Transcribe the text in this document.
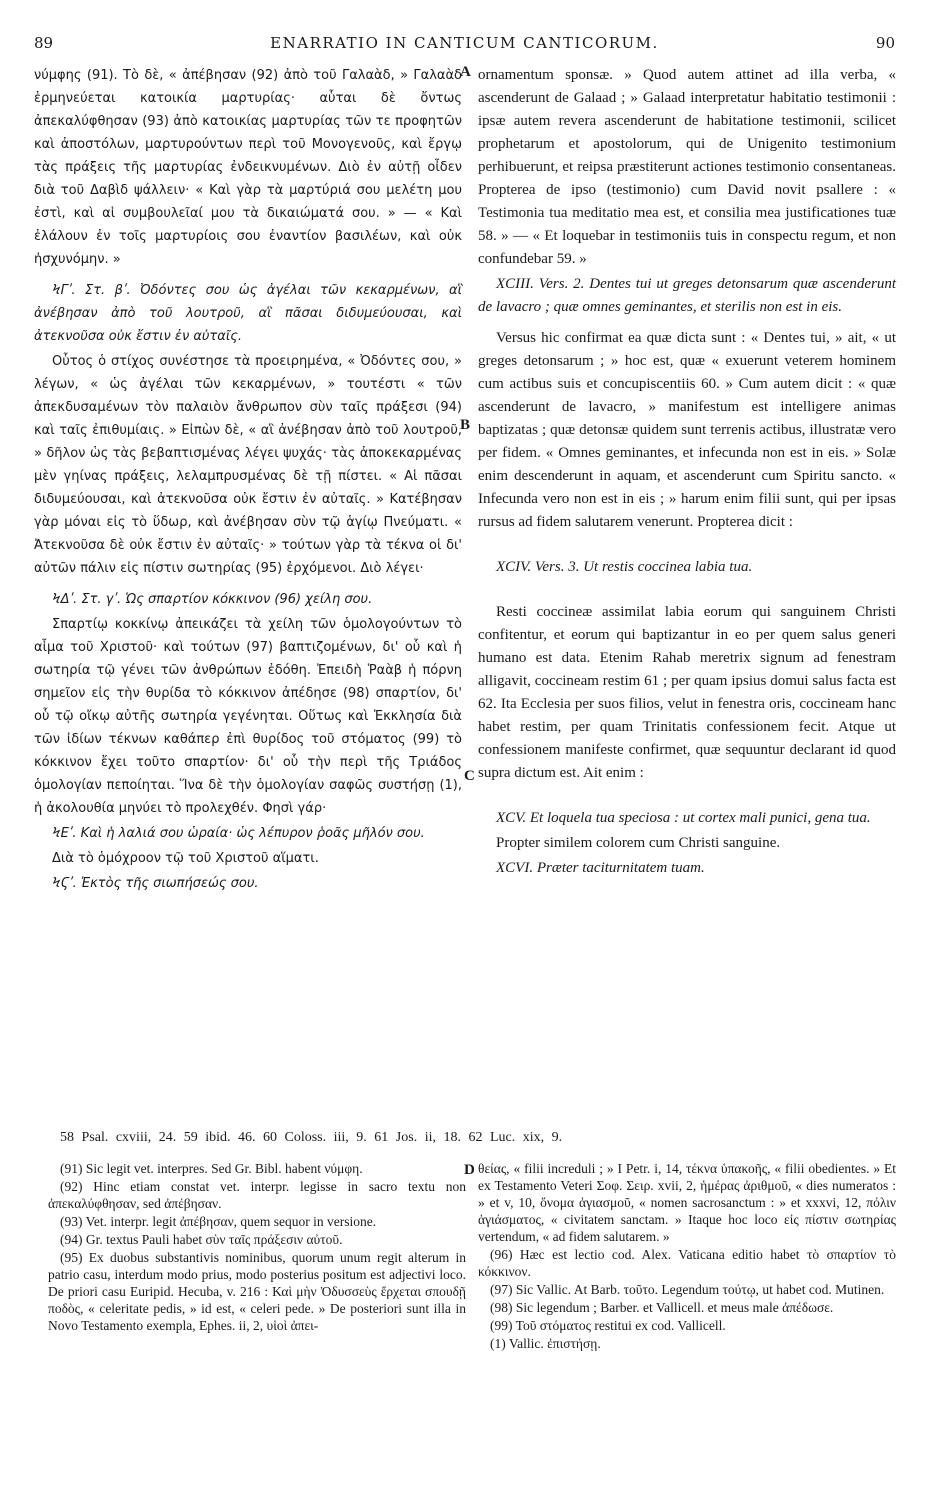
89	ENARRATIO IN CANTICUM CANTICORUM.	90
A
B
C
D

νύμφης (91). Τὸ δὲ, « ἀπέβησαν (92) ἀπὸ τοῦ Γαλαὰδ, » Γαλαὰδ ἑρμηνεύεται κατοικία μαρτυρίας· αὗται δὲ ὄντως ἀπεκαλύφθησαν (93) ἀπὸ κατοικίας μαρτυρίας τῶν τε προφητῶν καὶ ἀποστόλων, μαρτυρούντων περὶ τοῦ Μονογενοῦς, καὶ ἔργῳ τὰς πράξεις τῆς μαρτυρίας ἐνδεικνυμένων. Διὸ ἐν αὐτῇ οἶδεν διὰ τοῦ Δαβὶδ ψάλλειν· « Καὶ γὰρ τὰ μαρτύριά σου μελέτη μου ἐστὶ, καὶ αἱ συμβουλεῖαί μου τὰ δικαιώματά σου. » — « Καὶ ἐλάλουν ἐν τοῖς μαρτυρίοις σου ἐναντίον βασιλέων, καὶ οὐκ ἠσχυνόμην. »

ϞΓʹ. Στ. βʹ. Ὀδόντες σου ὡς ἀγέλαι τῶν κεκαρμένων, αἳ ἀνέβησαν ἀπὸ τοῦ λουτροῦ, αἳ πᾶσαι διδυμεύουσαι, καὶ ἀτεκνοῦσα οὐκ ἔστιν ἐν αὐταῖς.

Οὗτος ὁ στίχος συνέστησε τὰ προειρημένα, « Ὀδόντες σου, » λέγων, « ὡς ἀγέλαι τῶν κεκαρμένων, » τουτέστι « τῶν ἀπεκδυσαμένων τὸν παλαιὸν ἄνθρωπον σὺν ταῖς πράξεσι (94) καὶ ταῖς ἐπιθυμίαις. » Εἰπὼν δὲ, « αἳ ἀνέβησαν ἀπὸ τοῦ λουτροῦ, » δῆλον ὡς τὰς βεβαπτισμένας λέγει ψυχάς· τὰς ἀποκεκαρμένας μὲν γηίνας πράξεις, λελαμπρυσμένας δὲ τῇ πίστει. « Αἱ πᾶσαι διδυμεύουσαι, καὶ ἀτεκνοῦσα οὐκ ἔστιν ἐν αὐταῖς. » Κατέβησαν γὰρ μόναι εἰς τὸ ὕδωρ, καὶ ἀνέβησαν σὺν τῷ ἁγίῳ Πνεύματι. « Ἀτεκνοῦσα δὲ οὐκ ἔστιν ἐν αὐταῖς· » τούτων γὰρ τὰ τέκνα οἱ δι' αὐτῶν πάλιν εἰς πίστιν σωτηρίας (95) ἐρχόμενοι. Διὸ λέγει·

ϞΔʹ. Στ. γʹ. Ὡς σπαρτίον κόκκινον (96) χείλη σου.

Σπαρτίῳ κοκκίνῳ ἀπεικάζει τὰ χείλη τῶν ὁμολογούντων τὸ αἷμα τοῦ Χριστοῦ· καὶ τούτων (97) βαπτιζομένων, δι' οὗ καὶ ἡ σωτηρία τῷ γένει τῶν ἀνθρώπων ἐδόθη. Ἐπειδὴ Ῥαὰβ ἡ πόρνη σημεῖον εἰς τὴν θυρίδα τὸ κόκκινον ἀπέδησε (98) σπαρτίον, δι' οὗ τῷ οἴκῳ αὐτῆς σωτηρία γεγένηται. Οὕτως καὶ Ἐκκλησία διὰ τῶν ἰδίων τέκνων καθάπερ ἐπὶ θυρίδος τοῦ στόματος (99) τὸ κόκκινον ἔχει τοῦτο σπαρτίον· δι' οὗ τὴν περὶ τῆς Τριάδος ὁμολογίαν πεποίηται. Ἵνα δὲ τὴν ὁμολογίαν σαφῶς συστήσῃ (1), ἡ ἀκολουθία μηνύει τὸ προλεχθέν. Φησὶ γάρ·

ϞΕʹ. Καὶ ἡ λαλιά σου ὡραία· ὡς λέπυρον ῥοᾶς μῆλόν σου.

Διὰ τὸ ὁμόχροον τῷ τοῦ Χριστοῦ αἵματι.

ϞϚʹ. Ἐκτὸς τῆς σιωπήσεώς σου.

ornamentum sponsæ. » Quod autem attinet ad illa verba, « ascenderunt de Galaad ; » Galaad interpretatur habitatio testimonii : ipsæ autem revera ascenderunt de habitatione testimonii, scilicet prophetarum et apostolorum, qui de Unigenito testimonium perhibuerunt, et reipsa præstiterunt actiones testimonio consentaneas. Propterea de ipso (testimonio) cum David novit psallere : « Testimonia tua meditatio mea est, et consilia mea justificationes tuæ 58. » — « Et loquebar in testimoniis tuis in conspectu regum, et non confundebar 59. »

XCIII. Vers. 2. Dentes tui ut greges detonsarum quæ ascenderunt de lavacro ; quæ omnes geminantes, et sterilis non est in eis.

Versus hic confirmat ea quæ dicta sunt : « Dentes tui, » ait, « ut greges detonsarum ; » hoc est, quæ « exuerunt veterem hominem cum actibus suis et concupiscentiis 60. » Cum autem dicit : « quæ ascenderunt de lavacro, » manifestum est intelligere animas baptizatas ; quæ detonsæ quidem sunt terrenis actibus, illustratæ vero per fidem. « Omnes geminantes, et infecunda non est in eis. » Solæ enim descenderunt in aquam, et ascenderunt cum Spiritu sancto. « Infecunda vero non est in eis ; » harum enim filii sunt, qui per ipsas rursus ad fidem salutarem venerunt. Propterea dicit :

XCIV. Vers. 3. Ut restis coccinea labia tua.

Resti coccineæ assimilat labia eorum qui sanguinem Christi confitentur, et eorum qui baptizantur in eo per quem salus generi humano est data. Etenim Rahab meretrix signum ad fenestram alligavit, coccineam restim 61 ; per quam ipsius domui salus facta est 62. Ita Ecclesia per suos filios, velut in fenestra oris, coccineam hanc habet restim, per quam Trinitatis confessionem fecit. Atque ut confessionem manifeste confirmet, quæ sequuntur declarant id quod supra dictum est. Ait enim :

XCV. Et loquela tua speciosa : ut cortex mali punici, gena tua.

Propter similem colorem cum Christi sanguine.

XCVI. Præter taciturnitatem tuam.

58 Psal. cxviii, 24. 59 ibid. 46. 60 Coloss. iii, 9. 61 Jos. ii, 18. 62 Luc. xix, 9.

(91) Sic legit vet. interpres. Sed Gr. Bibl. habent νύμφη.

(92) Hinc etiam constat vet. interpr. legisse in sacro textu non ἀπεκαλύφθησαν, sed ἀπέβησαν.

(93) Vet. interpr. legit ἀπέβησαν, quem sequor in versione.

(94) Gr. textus Pauli habet σὺν ταῖς πράξεσιν αὐτοῦ.

(95) Ex duobus substantivis nominibus, quorum unum regit alterum in patrio casu, interdum modo prius, modo posterius positum est adjectivi loco. De priori casu Euripid. Hecuba, v. 216 : Καὶ μὴν Ὀδυσσεὺς ἔρχεται σπουδῇ ποδὸς, « celeritate pedis, » id est, « celeri pede. » De posteriori sunt illa in Novo Testamento exempla, Ephes. ii, 2, υἱοὶ ἀπει-

θείας, « filii increduli ; » I Petr. i, 14, τέκνα ὑπακοῆς, « filii obedientes. » Et ex Testamento Veteri Σοφ. Σειρ. xvii, 2, ἡμέρας ἀριθμοῦ, « dies numeratos : » et v, 10, ὄνομα ἁγιασμοῦ, « nomen sacrosanctum : » et xxxvi, 12, πόλιν ἁγιάσματος, « civitatem sanctam. » Itaque hoc loco εἰς πίστιν σωτηρίας vertendum, « ad fidem salutarem. »

(96) Hæc est lectio cod. Alex. Vaticana editio habet τὸ σπαρτίον τὸ κόκκινον.

(97) Sic Vallic. At Barb. τοῦτο. Legendum τούτῳ, ut habet cod. Mutinen.

(98) Sic legendum ; Barber. et Vallicell. et meus male ἀπέδωσε.

(99) Τοῦ στόματος restitui ex cod. Vallicell.

(1) Vallic. ἐπιστήσῃ.
